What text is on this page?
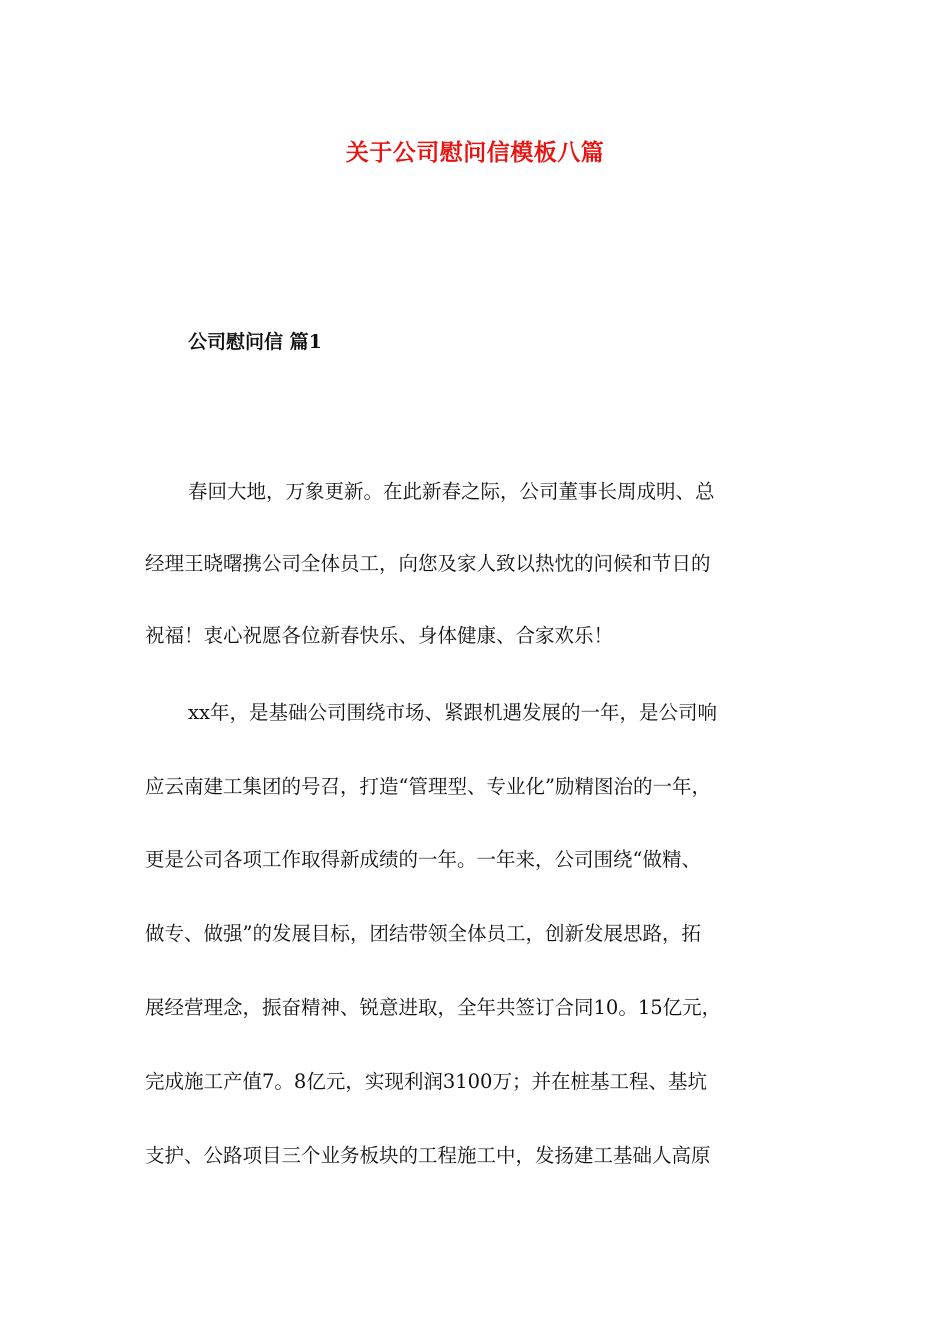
关于公司慰问信模板八篇
公司慰问信 篇1

春回大地，万象更新。在此新春之际，公司董事长周成明、总

经理王晓曙携公司全体员工，向您及家人致以热忱的问候和节日的

祝福！衷心祝愿各位新春快乐、身体健康、合家欢乐！

xx年，是基础公司围绕市场、紧跟机遇发展的一年，是公司响

应云南建工集团的号召，打造“管理型、专业化”励精图治的一年，

更是公司各项工作取得新成绩的一年。一年来，公司围绕“做精、

做专、做强”的发展目标，团结带领全体员工，创新发展思路，拓

展经营理念，振奋精神、锐意进取，全年共签订合同10。15亿元，

完成施工产值7。8亿元，实现利润3100万；并在桩基工程、基坑

支护、公路项目三个业务板块的工程施工中，发扬建工基础人高原
